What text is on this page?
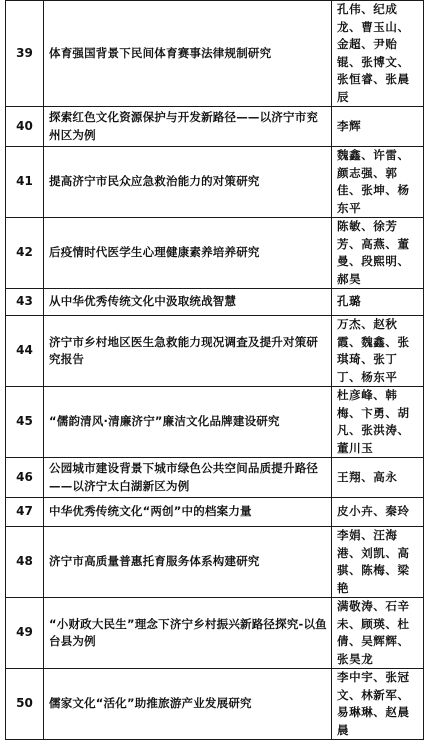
39	体育强国背景下民间体育赛事法律规制研究	孔伟、纪成龙、曹玉山、金超、尹贻锟、张博文、张恒睿、张晨辰
40	探索红色文化资源保护与开发新路径——以济宁市兖州区为例	李辉
41	提高济宁市民众应急救治能力的对策研究	魏鑫、许雷、颜志强、郭佳、张坤、杨东平
42	后疫情时代医学生心理健康素养培养研究	陈敏、徐芳芳、高燕、董曼、段熙明、郝昊
43	从中华优秀传统文化中汲取统战智慧	孔璐
44	济宁市乡村地区医生急救能力现况调查及提升对策研究报告	万杰、赵秋霞、魏鑫、张琪琦、张丁丁、杨东平
45	“儒韵清风·清廉济宁”廉洁文化品牌建设研究	杜彦峰、韩梅、卞勇、胡凡、张洪涛、董川玉
46	公园城市建设背景下城市绿色公共空间品质提升路径——以济宁太白湖新区为例	王翔、高永
47	中华优秀传统文化“两创”中的档案力量	皮小卉、秦玲
48	济宁市高质量普惠托育服务体系构建研究	李娟、汪海港、刘凯、高骐、陈梅、梁艳
49	“小财政大民生”理念下济宁乡村振兴新路径探究-以鱼台县为例	满敬涛、石辛未、顾瑛、杜倩、吴辉辉、张昊龙
50	儒家文化“活化”助推旅游产业发展研究	李中宇、张冠文、林新军、易琳琳、赵晨晨
